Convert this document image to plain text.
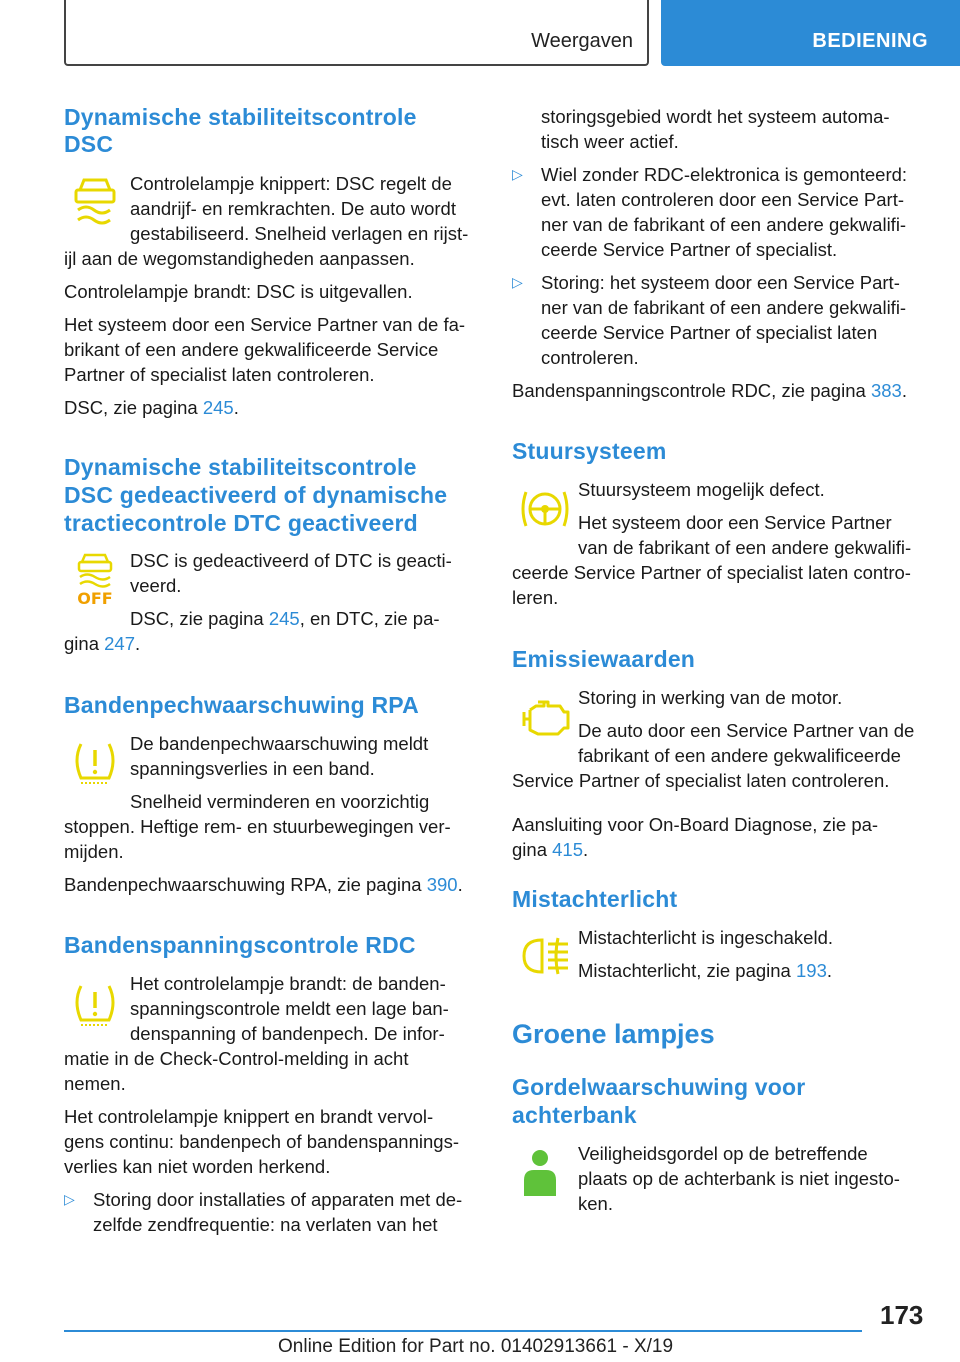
Weergaven	BEDIENING
Dynamische stabiliteitscontrole
DSC
Controlelampje knippert: DSC regelt de
aandrijf- en remkrachten. De auto wordt
gestabiliseerd. Snelheid verlagen en rijst-
ijl aan de wegomstandigheden aanpassen.
Controlelampje brandt: DSC is uitgevallen.
Het systeem door een Service Partner van de fa-
brikant of een andere gekwalificeerde Service
Partner of specialist laten controleren.
DSC, zie pagina 245.
Dynamische stabiliteitscontrole
DSC gedeactiveerd of dynamische
tractiecontrole DTC geactiveerd
OFF
DSC is gedeactiveerd of DTC is geacti-
veerd.
DSC, zie pagina 245, en DTC, zie pa-
gina 247.
Bandenpechwaarschuwing RPA
De bandenpechwaarschuwing meldt
spanningsverlies in een band.
Snelheid verminderen en voorzichtig
stoppen. Heftige rem- en stuurbewegingen ver-
mijden.
Bandenpechwaarschuwing RPA, zie pagina 390.
Bandenspanningscontrole RDC
Het controlelampje brandt: de banden-
spanningscontrole meldt een lage ban-
denspanning of bandenpech. De infor-
matie in de Check-Control-melding in acht
nemen.
Het controlelampje knippert en brandt vervol-
gens continu: bandenpech of bandenspannings-
verlies kan niet worden herkend.
▷ Storing door installaties of apparaten met de-
zelfde zendfrequentie: na verlaten van het
storingsgebied wordt het systeem automa-
tisch weer actief.
▷ Wiel zonder RDC-elektronica is gemonteerd:
evt. laten controleren door een Service Part-
ner van de fabrikant of een andere gekwalifi-
ceerde Service Partner of specialist.
▷ Storing: het systeem door een Service Part-
ner van de fabrikant of een andere gekwalifi-
ceerde Service Partner of specialist laten
controleren.
Bandenspanningscontrole RDC, zie pagina 383.
Stuursysteem
Stuursysteem mogelijk defect.
Het systeem door een Service Partner
van de fabrikant of een andere gekwalifi-
ceerde Service Partner of specialist laten contro-
leren.
Emissiewaarden
Storing in werking van de motor.
De auto door een Service Partner van de
fabrikant of een andere gekwalificeerde
Service Partner of specialist laten controleren.
Aansluiting voor On-Board Diagnose, zie pa-
gina 415.
Mistachterlicht
Mistachterlicht is ingeschakeld.
Mistachterlicht, zie pagina 193.
Groene lampjes
Gordelwaarschuwing voor
achterbank
Veiligheidsgordel op de betreffende
plaats op de achterbank is niet ingesto-
ken.
173
Online Edition for Part no. 01402913661 - X/19
